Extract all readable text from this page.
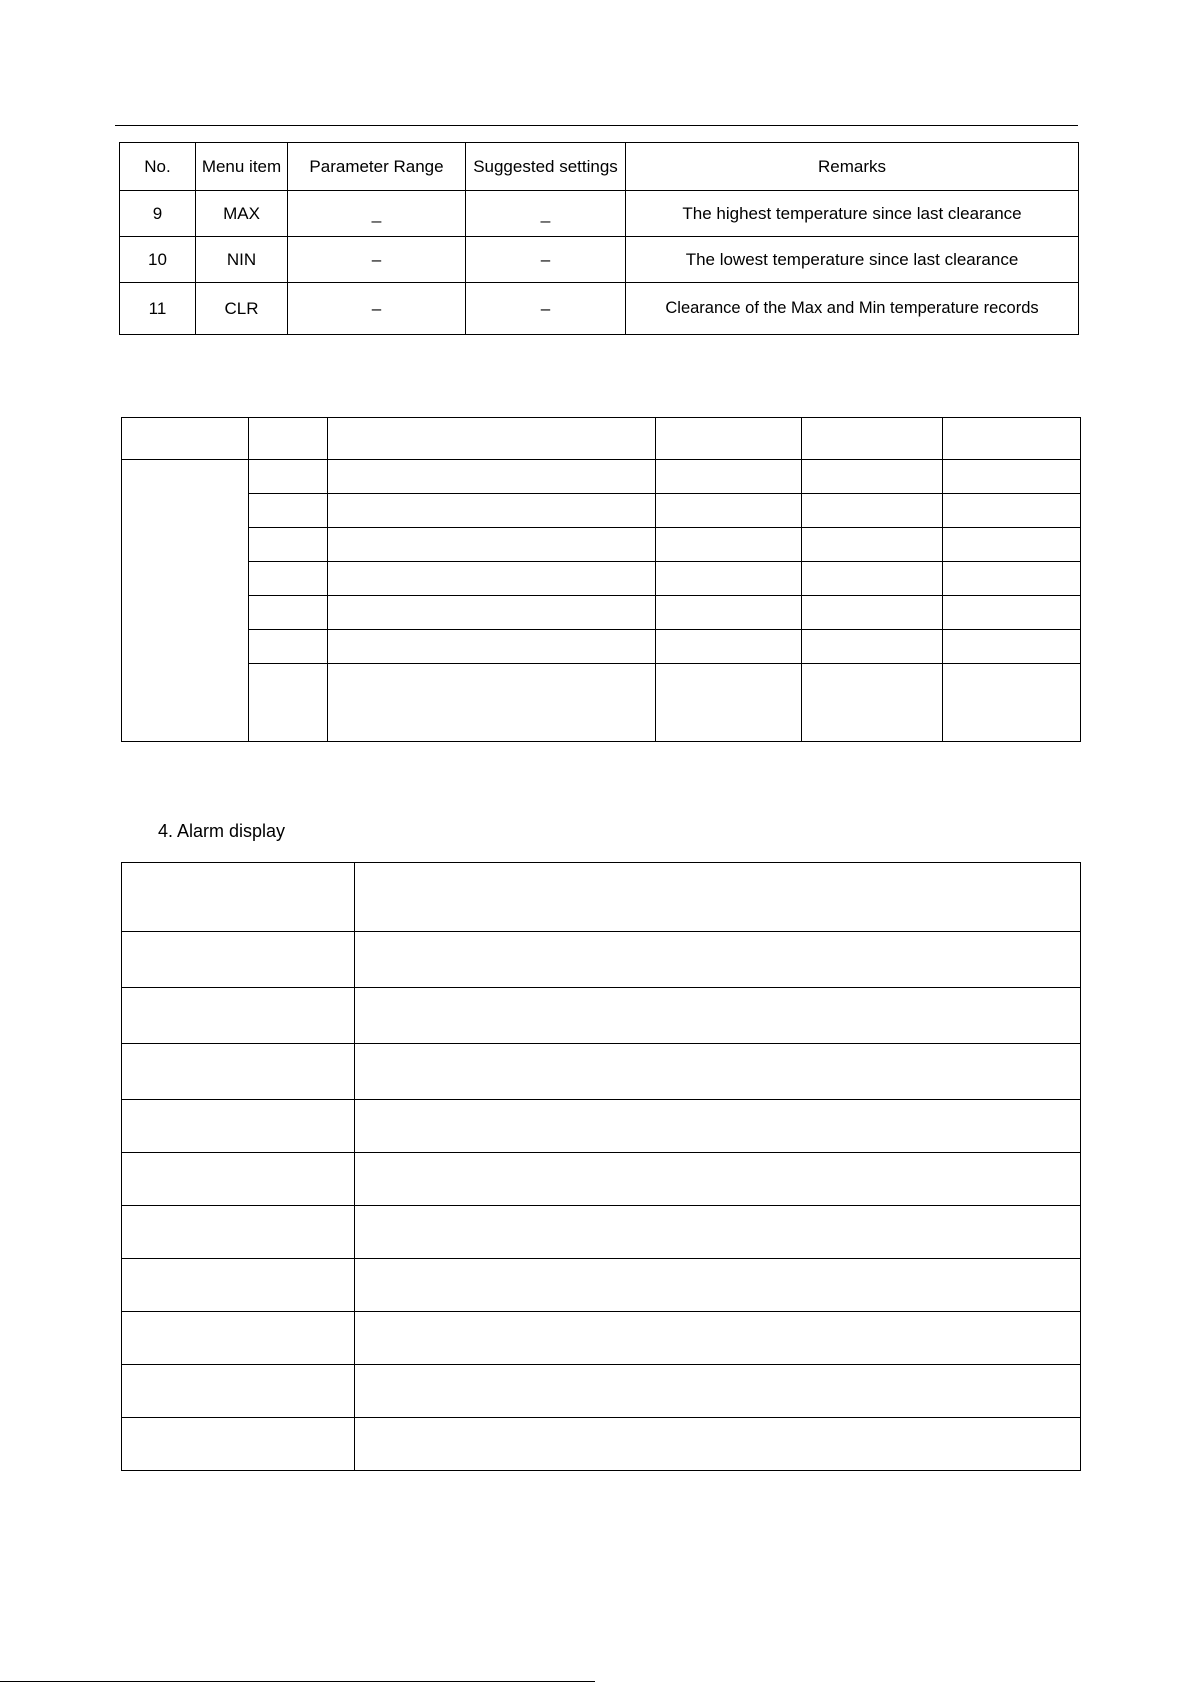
No.	Menu item	Parameter Range	Suggested settings	Remarks
9	MAX	_	_	The highest temperature since last clearance
10	NIN	–	–	The lowest temperature since last clearance
11	CLR	–	–	Clearance of the Max and Min temperature records

4. Alarm display
